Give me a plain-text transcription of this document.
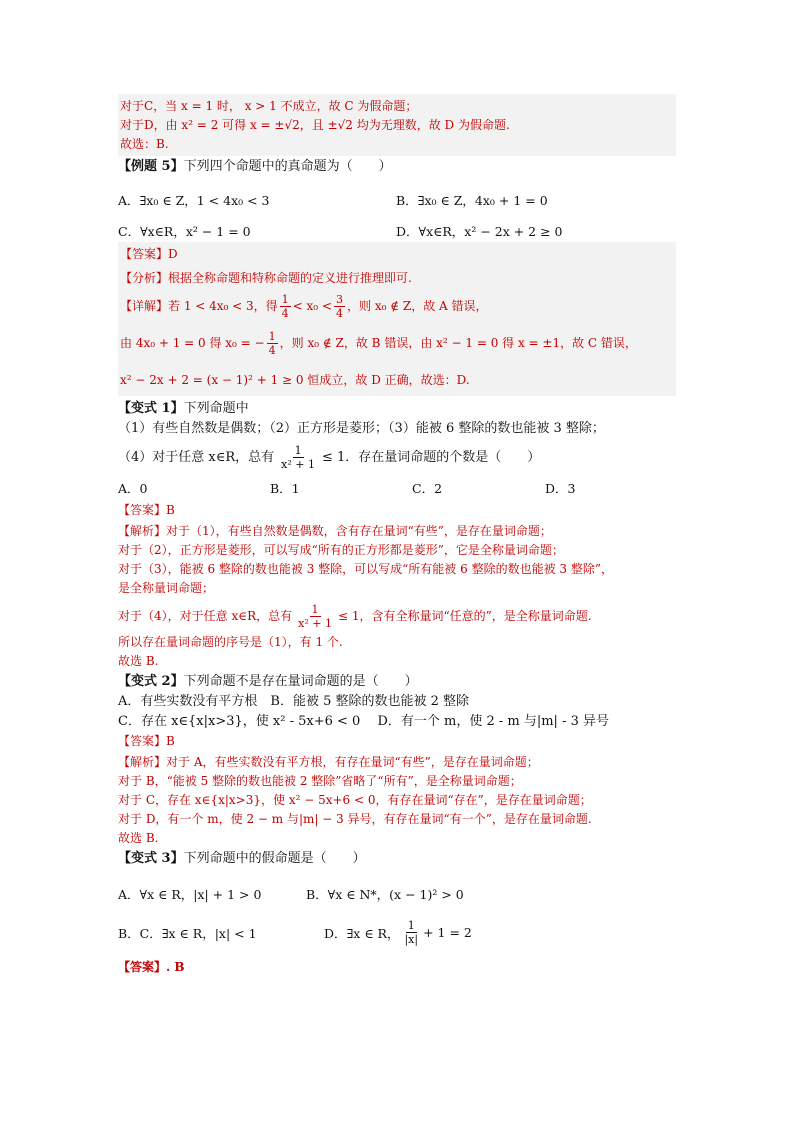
对于C，当 x = 1 时， x > 1 不成立，故 C 为假命题；
对于D，由 x² = 2 可得 x = ±√2，且 ±√2 均为无理数，故 D 为假命题.
故选：B.
【例题 5】下列四个命题中的真命题为（　　）
A．∃x₀ ∈ Z，1 < 4x₀ < 3	B．∃x₀ ∈ Z，4x₀ + 1 = 0
C．∀x∈R，x² − 1 = 0	D．∀x∈R，x² − 2x + 2 ≥ 0
【答案】D
【分析】根据全称命题和特称命题的定义进行推理即可.
【详解】若 1 < 4x₀ < 3，得 $\frac{1}{4} < x_0 < \frac{3}{4}$ ，则 x₀ ∉ Z，故 A 错误，
由 4x₀ + 1 = 0 得 x₀ = − $\frac{1}{4}$ ，则 x₀ ∉ Z，故 B 错误，由 x² − 1 = 0 得 x = ±1，故 C 错误，
x² − 2x + 2 = (x − 1)² + 1 ≥ 0 恒成立，故 D 正确，故选：D.
【变式 1】下列命题中
（1）有些自然数是偶数；（2）正方形是菱形；（3）能被 6 整除的数也能被 3 整除；
（4）对于任意 x∈R，总有 $\frac{1}{\text{x² + 1}} \le 1$．存在量词命题的个数是（　　）
A．0	B．1	C．2	D．3
【答案】B
【解析】对于（1），有些自然数是偶数，含有存在量词“有些”，是存在量词命题；
对于（2），正方形是菱形，可以写成“所有的正方形都是菱形”，它是全称量词命题；
对于（3），能被 6 整除的数也能被 3 整除，可以写成“所有能被 6 整除的数也能被 3 整除”，
是全称量词命题；
对于（4），对于任意 x∈R，总有 $\frac{1}{\text{x² + 1}} \le 1$，含有全称量词“任意的”，是全称量词命题.
所以存在量词命题的序号是（1），有 1 个.
故选 B.
【变式 2】下列命题不是存在量词命题的是（　　）
A．有些实数没有平方根　B．能被 5 整除的数也能被 2 整除
C．存在 x∈{x|x>3}，使 x² - 5x+6 < 0　 D．有一个 m，使 2 - m 与|m| - 3 异号
【答案】B
【解析】对于 A，有些实数没有平方根，有存在量词“有些”，是存在量词命题；
对于 B，“能被 5 整除的数也能被 2 整除”省略了“所有”，是全称量词命题；
对于 C，存在 x∈{x|x>3}，使 x² − 5x+6 < 0，有存在量词“存在”，是存在量词命题；
对于 D，有一个 m，使 2 − m 与|m| − 3 异号，有存在量词“有一个”，是存在量词命题.
故选 B.
【变式 3】下列命题中的假命题是（　　）
A．∀x ∈ R，|x| + 1 > 0	B．∀x ∈ N*，(x − 1)² > 0
B．C．∃x ∈ R，|x| < 1	D．∃x ∈ R， $\frac{1}{|x|} + 1 = 2$
【答案】. B
